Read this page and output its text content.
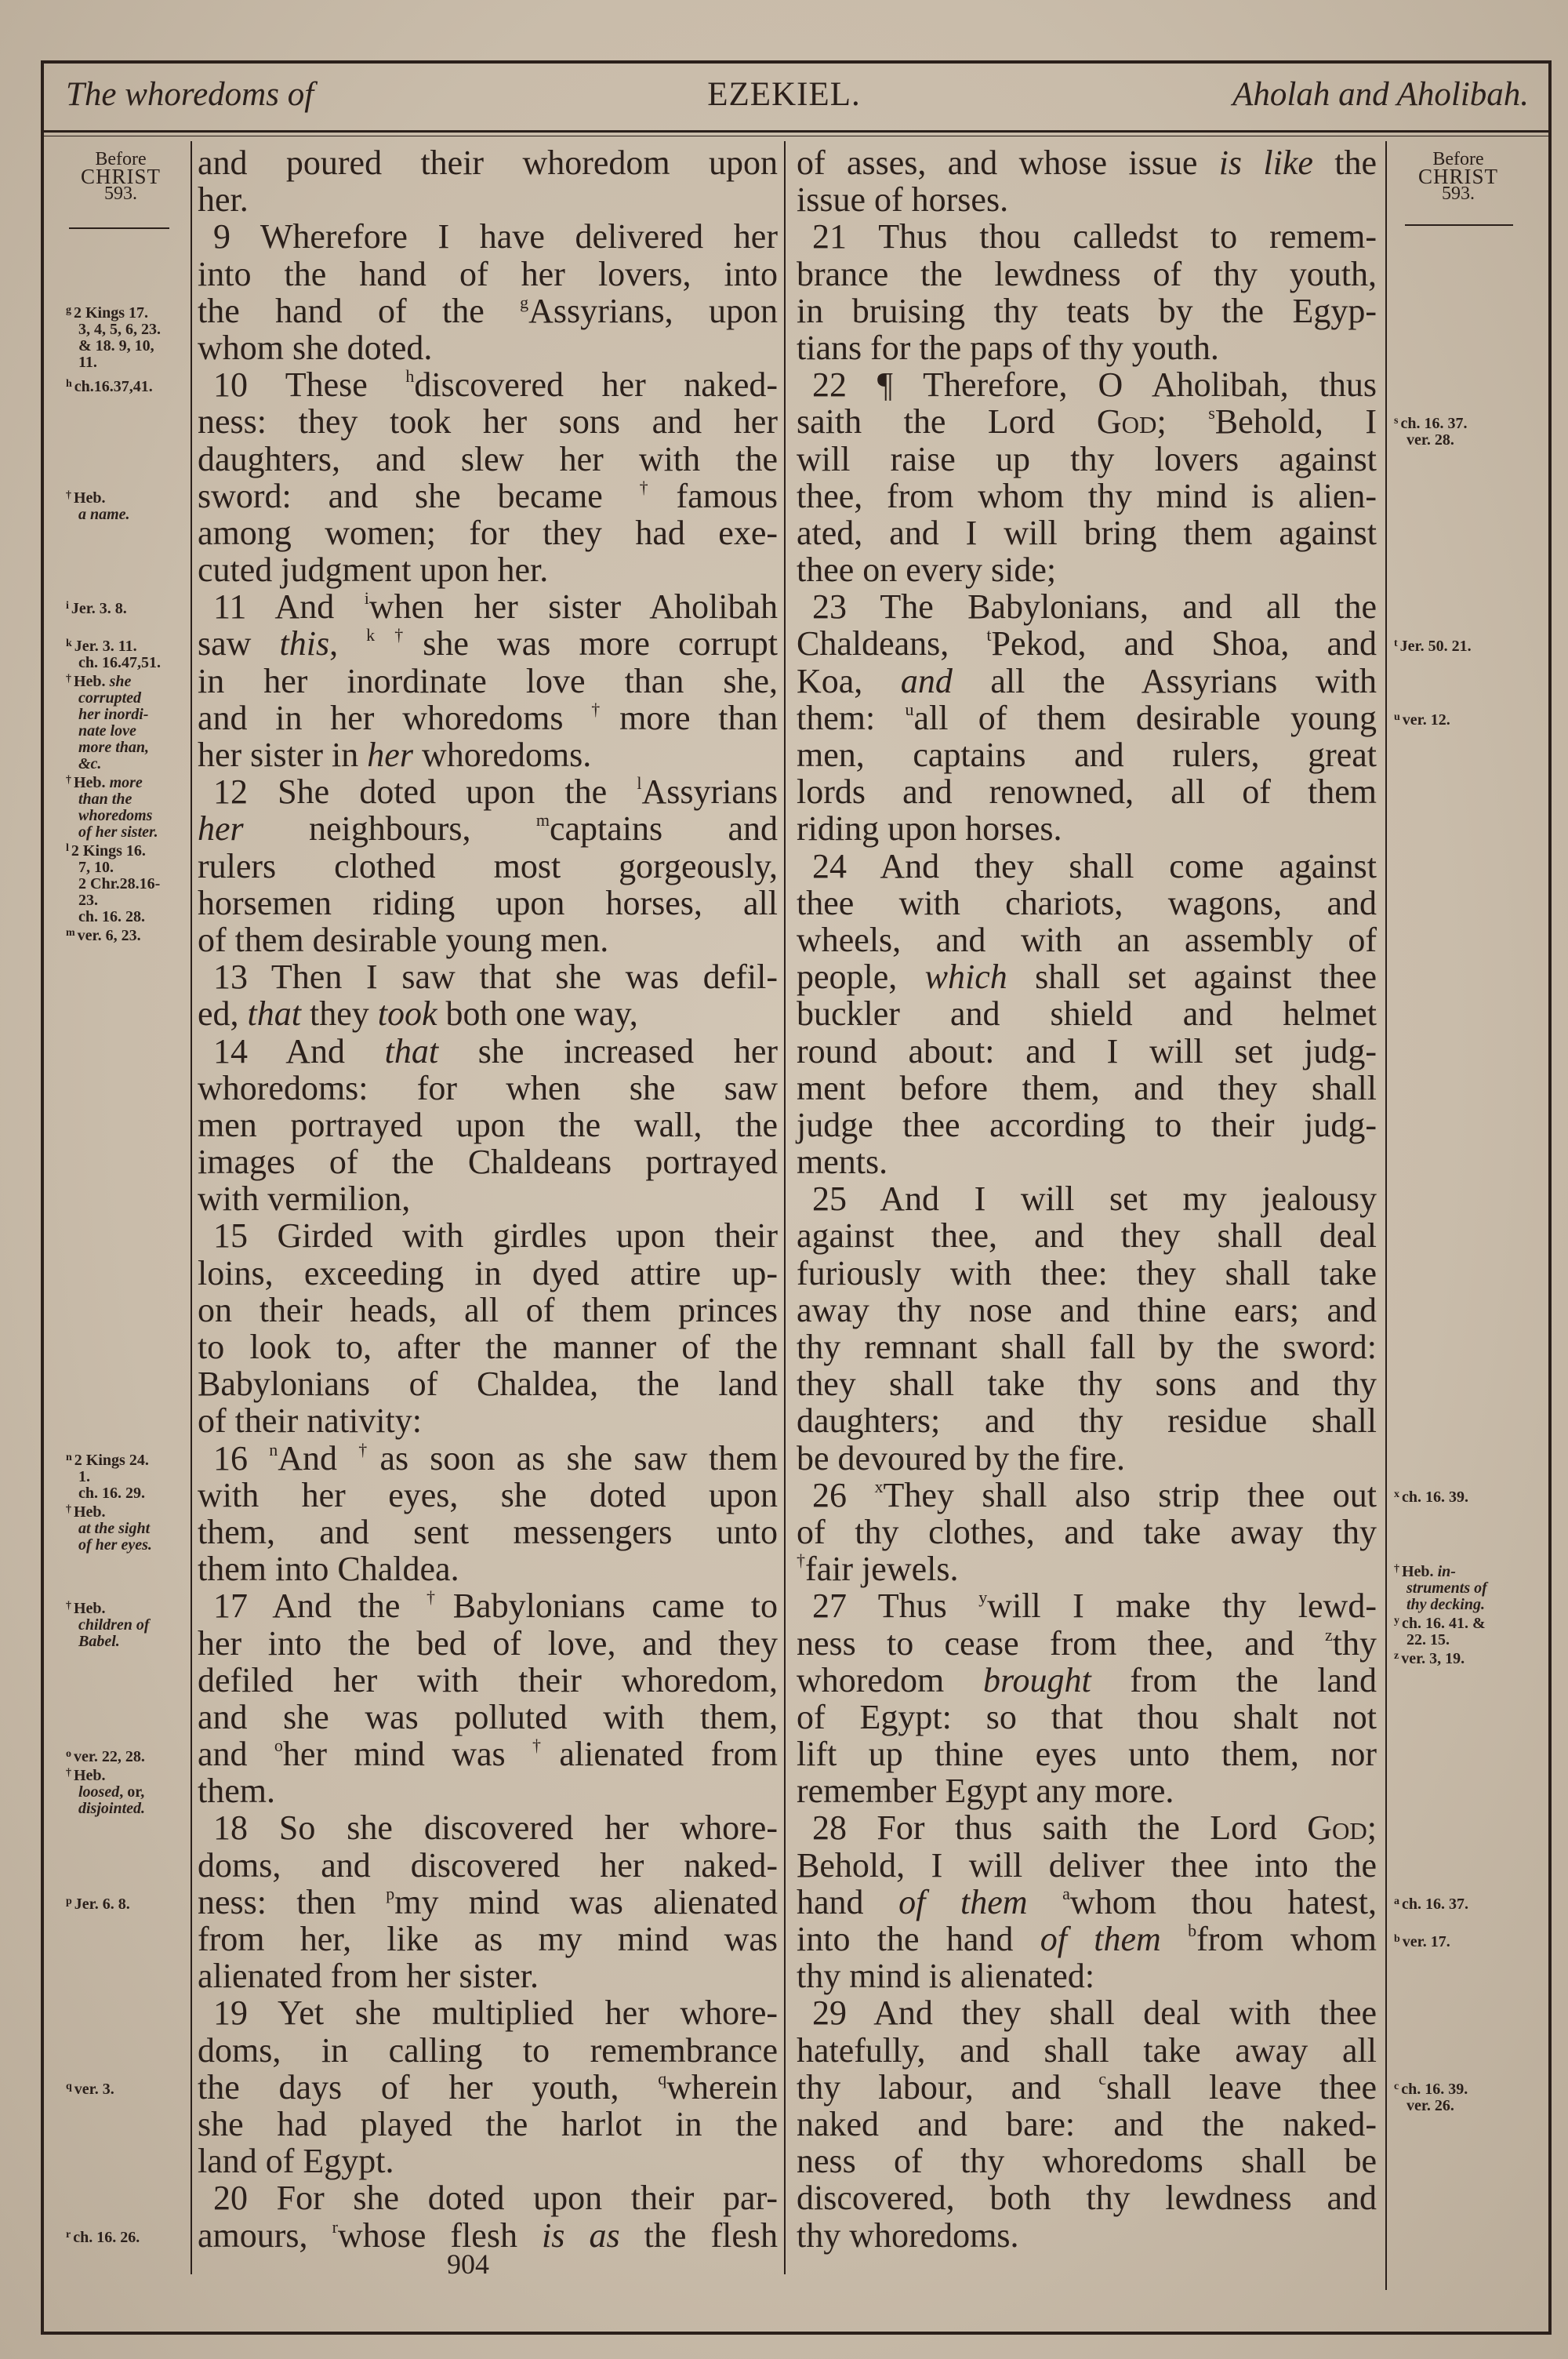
The whoredoms of	EZEKIEL.	Aholah and Aholibah.
Before
CHRIST
593.
Before
CHRIST
593.
and poured their whoredom upon
her.
9 Wherefore I have delivered her
into the hand of her lovers, into
the hand of the $^g$Assyrians, upon
whom she doted.
10 These $^h$discovered her naked-
ness: they took her sons and her
daughters, and slew her with the
sword: and she became †famous
among women; for they had exe-
cuted judgment upon her.
11 And $^i$when her sister Aholibah
saw this, $^{k\dagger}$she was more corrupt
in her inordinate love than she,
and in her whoredoms †more than
her sister in her whoredoms.
12 She doted upon the $^l$Assyrians
her neighbours, $^m$captains and
rulers clothed most gorgeously,
horsemen riding upon horses, all
of them desirable young men.
13 Then I saw that she was defil-
ed, that they took both one way,
14 And that she increased her
whoredoms: for when she saw
men portrayed upon the wall, the
images of the Chaldeans portrayed
with vermilion,
15 Girded with girdles upon their
loins, exceeding in dyed attire up-
on their heads, all of them princes
to look to, after the manner of the
Babylonians of Chaldea, the land
of their nativity:
16 $^n$And †as soon as she saw them
with her eyes, she doted upon
them, and sent messengers unto
them into Chaldea.
17 And the †Babylonians came to
her into the bed of love, and they
defiled her with their whoredom,
and she was polluted with them,
and $^o$her mind was †alienated from
them.
18 So she discovered her whore-
doms, and discovered her naked-
ness: then $^p$my mind was alienated
from her, like as my mind was
alienated from her sister.
19 Yet she multiplied her whore-
doms, in calling to remembrance
the days of her youth, $^q$wherein
she had played the harlot in the
land of Egypt.
20 For she doted upon their par-
amours, $^r$whose flesh is as the flesh
of asses, and whose issue is like the
issue of horses.
21 Thus thou calledst to remem-
brance the lewdness of thy youth,
in bruising thy teats by the Egyp-
tians for the paps of thy youth.
22 ¶ Therefore, O Aholibah, thus
saith the Lord God; $^s$Behold, I
will raise up thy lovers against
thee, from whom thy mind is alien-
ated, and I will bring them against
thee on every side;
23 The Babylonians, and all the
Chaldeans, $^t$Pekod, and Shoa, and
Koa, and all the Assyrians with
them: $^u$all of them desirable young
men, captains and rulers, great
lords and renowned, all of them
riding upon horses.
24 And they shall come against
thee with chariots, wagons, and
wheels, and with an assembly of
people, which shall set against thee
buckler and shield and helmet
round about: and I will set judg-
ment before them, and they shall
judge thee according to their judg-
ments.
25 And I will set my jealousy
against thee, and they shall deal
furiously with thee: they shall take
away thy nose and thine ears; and
thy remnant shall fall by the sword:
they shall take thy sons and thy
daughters; and thy residue shall
be devoured by the fire.
26 $^x$They shall also strip thee out
of thy clothes, and take away thy
†fair jewels.
27 Thus $^y$will I make thy lewd-
ness to cease from thee, and $^z$thy
whoredom brought from the land
of Egypt: so that thou shalt not
lift up thine eyes unto them, nor
remember Egypt any more.
28 For thus saith the Lord God;
Behold, I will deliver thee into the
hand of them $^a$whom thou hatest,
into the hand of them $^b$from whom
thy mind is alienated:
29 And they shall deal with thee
hatefully, and shall take away all
thy labour, and $^c$shall leave thee
naked and bare: and the naked-
ness of thy whoredoms shall be
discovered, both thy lewdness and
thy whoredoms.
$^g$ 2 Kings 17.
3, 4, 5, 6, 23.
& 18. 9, 10,
11.
$^h$ ch.16.37,41.
† Heb.
a name.
$^i$ Jer. 3. 8.
$^k$ Jer. 3. 11.
ch. 16.47,51.
† Heb. she
corrupted
her inordi-
nate love
more than,
&c.
† Heb. more
than the
whoredoms
of her sister.
$^l$ 2 Kings 16.
7, 10.
2 Chr.28.16-
23.
ch. 16. 28.
$^m$ ver. 6, 23.
$^n$ 2 Kings 24.
1.
ch. 16. 29.
† Heb.
at the sight
of her eyes.
† Heb.
children of
Babel.
$^o$ ver. 22, 28.
† Heb.
loosed, or,
disjointed.
$^p$ Jer. 6. 8.
$^q$ ver. 3.
$^r$ ch. 16. 26.
$^s$ ch. 16. 37.
ver. 28.
$^t$ Jer. 50. 21.
$^u$ ver. 12.
$^x$ ch. 16. 39.
† Heb. in-
struments of
thy decking.
$^y$ ch. 16. 41. &
22. 15.
$^z$ ver. 3, 19.
$^a$ ch. 16. 37.
$^b$ ver. 17.
$^c$ ch. 16. 39.
ver. 26.
904
